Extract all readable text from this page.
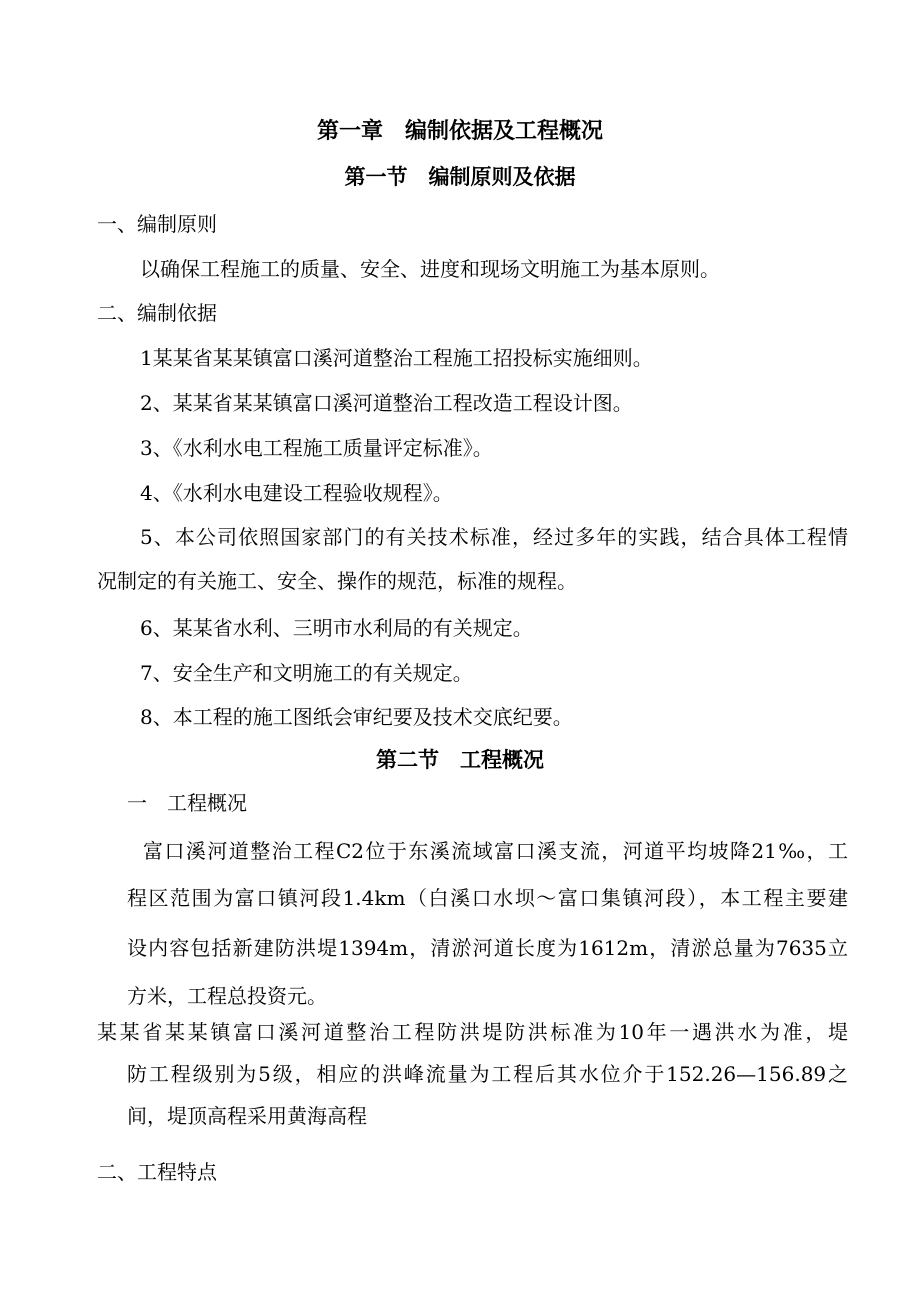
第一章　编制依据及工程概况
第一节　编制原则及依据
一、编制原则
以确保工程施工的质量、安全、进度和现场文明施工为基本原则。
二、编制依据
1某某省某某镇富口溪河道整治工程施工招投标实施细则。
2、某某省某某镇富口溪河道整治工程改造工程设计图。
3、《水利水电工程施工质量评定标准》。
4、《水利水电建设工程验收规程》。
5、本公司依照国家部门的有关技术标准，经过多年的实践，结合具体工程情
况制定的有关施工、安全、操作的规范，标准的规程。
6、某某省水利、三明市水利局的有关规定。
7、安全生产和文明施工的有关规定。
8、本工程的施工图纸会审纪要及技术交底纪要。
第二节　工程概况
一　工程概况
富口溪河道整治工程C2位于东溪流域富口溪支流，河道平均坡降21‰，工
程区范围为富口镇河段1.4km（白溪口水坝～富口集镇河段），本工程主要建
设内容包括新建防洪堤1394m，清淤河道长度为1612m，清淤总量为7635立
方米，工程总投资元。
某某省某某镇富口溪河道整治工程防洪堤防洪标准为10年一遇洪水为准，堤
防工程级别为5级，相应的洪峰流量为工程后其水位介于152.26—156.89之
间，堤顶高程采用黄海高程
二、工程特点
